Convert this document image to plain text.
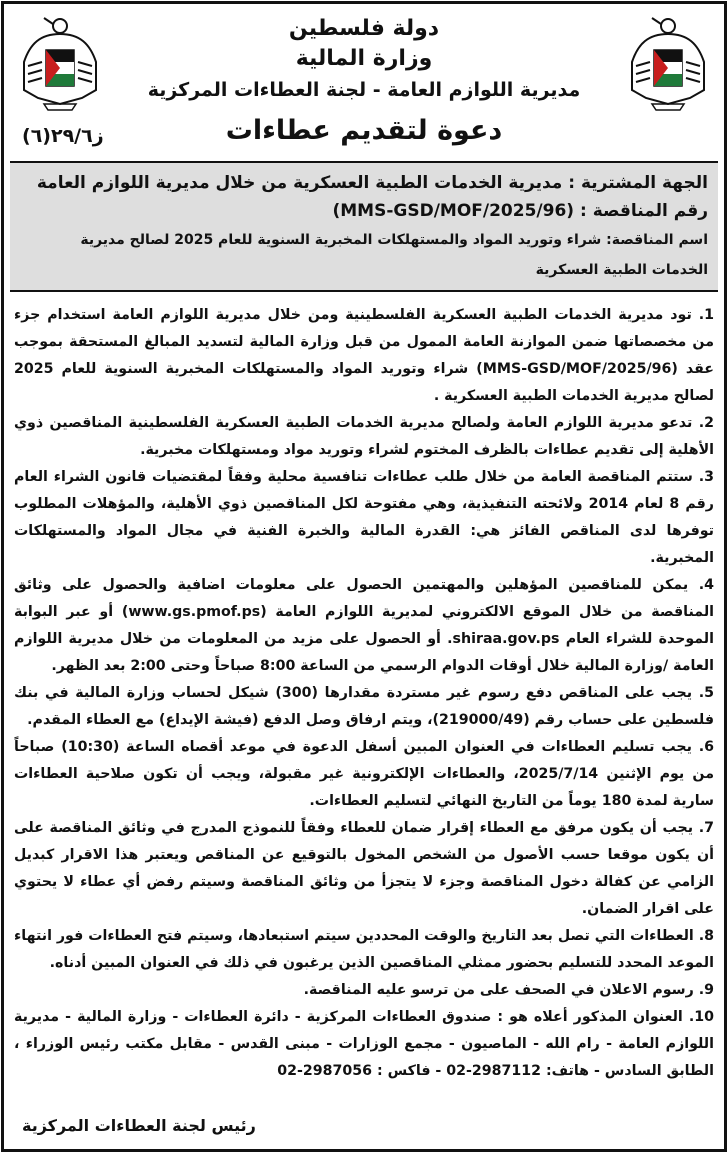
دولة فلسطين
وزارة المالية
مديرية اللوازم العامة - لجنة العطاءات المركزية
دعوة لتقديم عطاءات
ز٢٩/٦(٦)
الجهة المشترية : مديرية الخدمات الطبية العسكرية من خلال مديرية اللوازم العامة
رقم المناقصة : (MMS-GSD/MOF/2025/96)
اسم المناقصة: شراء وتوريد المواد والمستهلكات المخبرية السنوية للعام 2025 لصالح مديرية الخدمات الطبية العسكرية

1. تود مديرية الخدمات الطبية العسكرية الفلسطينية ومن خلال مديرية اللوازم العامة استخدام جزء من مخصصاتها ضمن الموازنة العامة الممول من قبل وزارة المالية لتسديد المبالغ المستحقة بموجب عقد (MMS-GSD/MOF/2025/96) شراء وتوريد المواد والمستهلكات المخبرية السنوية للعام 2025 لصالح مديرية الخدمات الطبية العسكرية .

2. تدعو مديرية اللوازم العامة ولصالح مديرية الخدمات الطبية العسكرية الفلسطينية المناقصين ذوي الأهلية إلى تقديم عطاءات بالظرف المختوم لشراء وتوريد مواد ومستهلكات مخبرية.

3. ستتم المناقصة العامة من خلال طلب عطاءات تنافسية محلية وفقاً لمقتضيات قانون الشراء العام رقم 8 لعام 2014 ولائحته التنفيذية، وهي مفتوحة لكل المناقصين ذوي الأهلية، والمؤهلات المطلوب توفرها لدى المناقص الفائز هي: القدرة المالية والخبرة الفنية في مجال المواد والمستهلكات المخبرية.

4. يمكن للمناقصين المؤهلين والمهتمين الحصول على معلومات اضافية والحصول على وثائق المناقصة من خلال الموقع الالكتروني لمديرية اللوازم العامة (www.gs.pmof.ps) أو عبر البوابة الموحدة للشراء العام shiraa.gov.ps. أو الحصول على مزيد من المعلومات من خلال مديرية اللوازم العامة /وزارة المالية خلال أوقات الدوام الرسمي من الساعة 8:00 صباحاً وحتى 2:00 بعد الظهر.

5. يجب على المناقص دفع رسوم غير مستردة مقدارها (300) شيكل لحساب وزارة المالية في بنك فلسطين على حساب رقم (219000/49)، ويتم ارفاق وصل الدفع (فيشة الإيداع) مع العطاء المقدم.

6. يجب تسليم العطاءات في العنوان المبين أسفل الدعوة في موعد أقصاه الساعة (10:30) صباحاً من يوم الإثنين 2025/7/14، والعطاءات الإلكترونية غير مقبولة، ويجب أن تكون صلاحية العطاءات سارية لمدة 180 يوماً من التاريخ النهائي لتسليم العطاءات.

7. يجب أن يكون مرفق مع العطاء إقرار ضمان للعطاء وفقاً للنموذج المدرج في وثائق المناقصة على أن يكون موقعا حسب الأصول من الشخص المخول بالتوقيع عن المناقص ويعتبر هذا الاقرار كبديل الزامي عن كفالة دخول المناقصة وجزء لا يتجزأ من وثائق المناقصة وسيتم رفض أي عطاء لا يحتوي على اقرار الضمان.

8. العطاءات التي تصل بعد التاريخ والوقت المحددين سيتم استبعادها، وسيتم فتح العطاءات فور انتهاء الموعد المحدد للتسليم بحضور ممثلي المناقصين الذين يرغبون في ذلك في العنوان المبين أدناه.

9. رسوم الاعلان في الصحف على من ترسو عليه المناقصة.

10. العنوان المذكور أعلاه هو : صندوق العطاءات المركزية - دائرة العطاءات - وزارة المالية - مديرية اللوازم العامة - رام الله - الماصيون - مجمع الوزارات - مبنى القدس - مقابل مكتب رئيس الوزراء ، الطابق السادس - هاتف: 2987112-02 - فاكس : 2987056-02

رئيس لجنة العطاءات المركزية
